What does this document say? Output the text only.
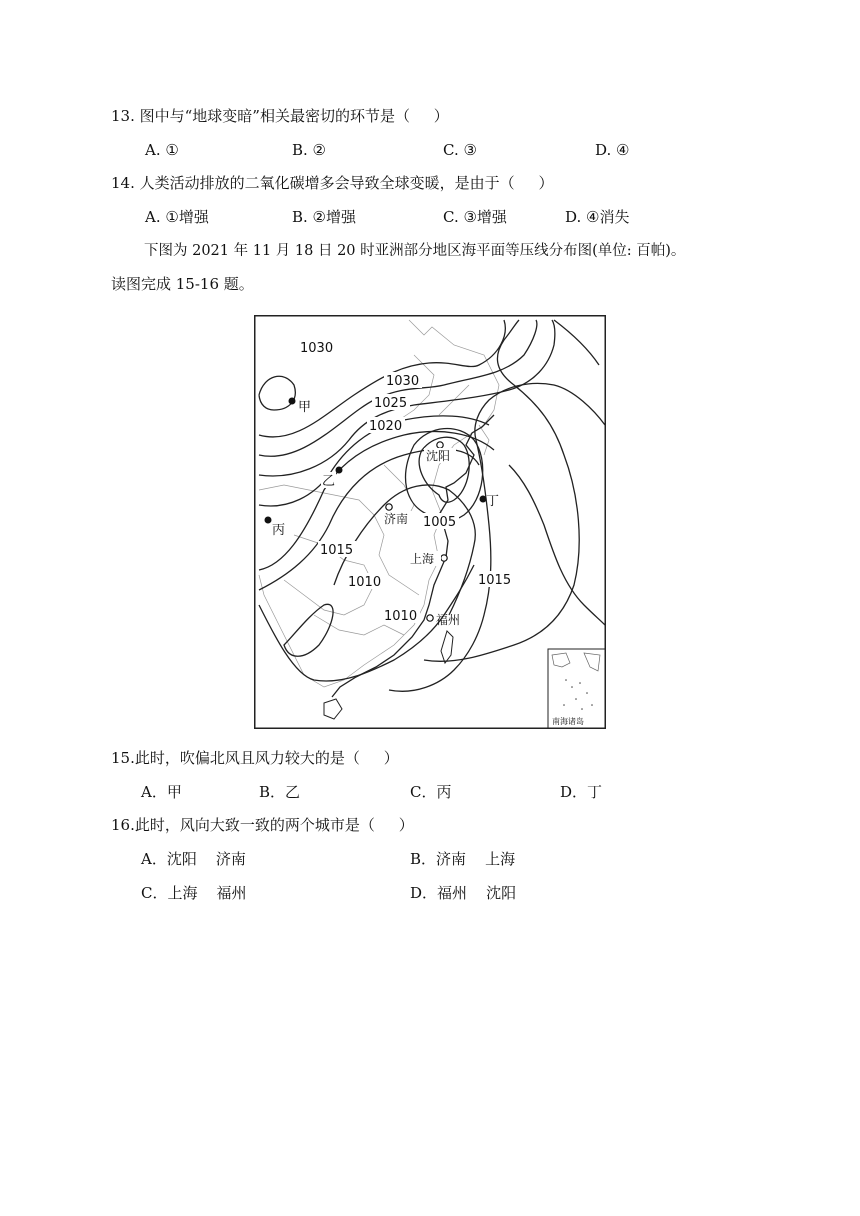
13. 图中与“地球变暗”相关最密切的环节是（     ）
A. ①	B. ②	C. ③	D. ④
14. 人类活动排放的二氧化碳增多会导致全球变暖，是由于（     ）
A. ①增强	B. ②增强	C. ③增强	D. ④消失
下图为 2021 年 11 月 18 日 20 时亚洲部分地区海平面等压线分布图(单位: 百帕)。
读图完成 15-16 题。
1030
1030
1025
1020
1015
1010
1010
1005
1015
甲
乙
丙
丁
沈阳
济南
上海
福州
南海诸岛
15.此时，吹偏北风且风力较大的是（     ）
A．甲	B．乙	C．丙	D．丁
16.此时，风向大致一致的两个城市是（     ）
A．沈阳    济南	B．济南    上海
C．上海    福州	D．福州    沈阳
